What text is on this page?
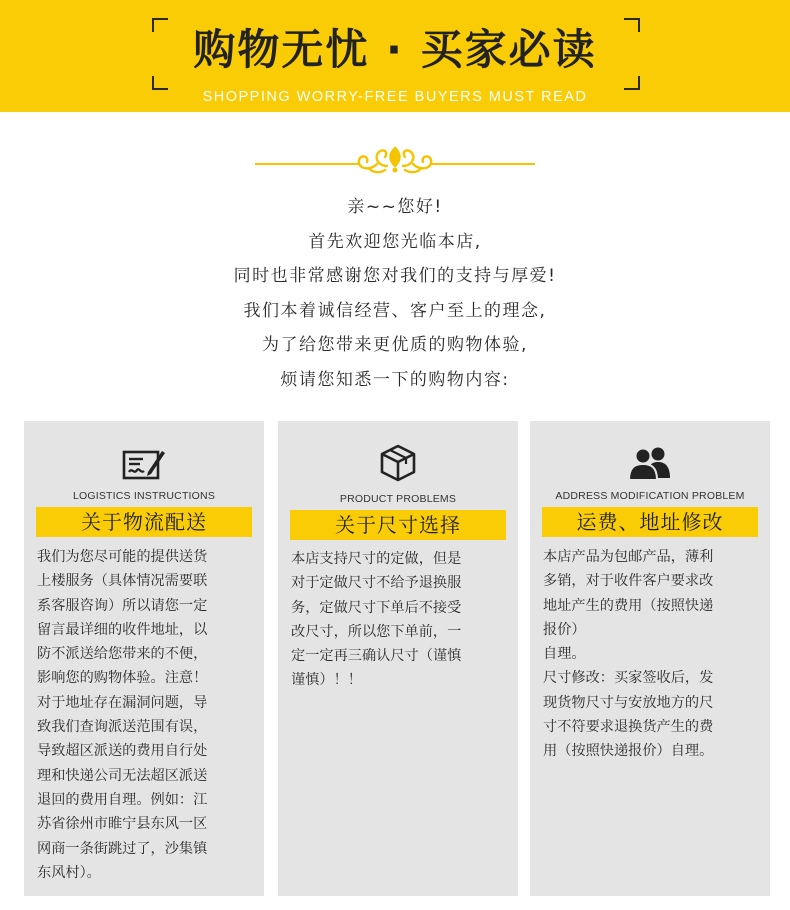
购物无忧 · 买家必读
SHOPPING WORRY-FREE BUYERS MUST READ
亲~~您好!
首先欢迎您光临本店,
同时也非常感谢您对我们的支持与厚爱!
我们本着诚信经营、客户至上的理念,
为了给您带来更优质的购物体验,
烦请您知悉一下的购物内容:
LOGISTICS INSTRUCTIONS
关于物流配送
我们为您尽可能的提供送货
上楼服务（具体情况需要联
系客服咨询）所以请您一定
留言最详细的收件地址，以
防不派送给您带来的不便，
影响您的购物体验。注意！
对于地址存在漏洞问题，导
致我们查询派送范围有误，
导致超区派送的费用自行处
理和快递公司无法超区派送
退回的费用自理。例如：江
苏省徐州市睢宁县东风一区
网商一条街跳过了，沙集镇
东风村）。
PRODUCT PROBLEMS
关于尺寸选择
本店支持尺寸的定做，但是
对于定做尺寸不给予退换服
务，定做尺寸下单后不接受
改尺寸，所以您下单前，一
定一定再三确认尺寸（谨慎
谨慎）！！
ADDRESS MODIFICATION PROBLEM
运费、地址修改
本店产品为包邮产品，薄利
多销，对于收件客户要求改
地址产生的费用（按照快递
报价）
自理。
尺寸修改：买家签收后，发
现货物尺寸与安放地方的尺
寸不符要求退换货产生的费
用（按照快递报价）自理。
